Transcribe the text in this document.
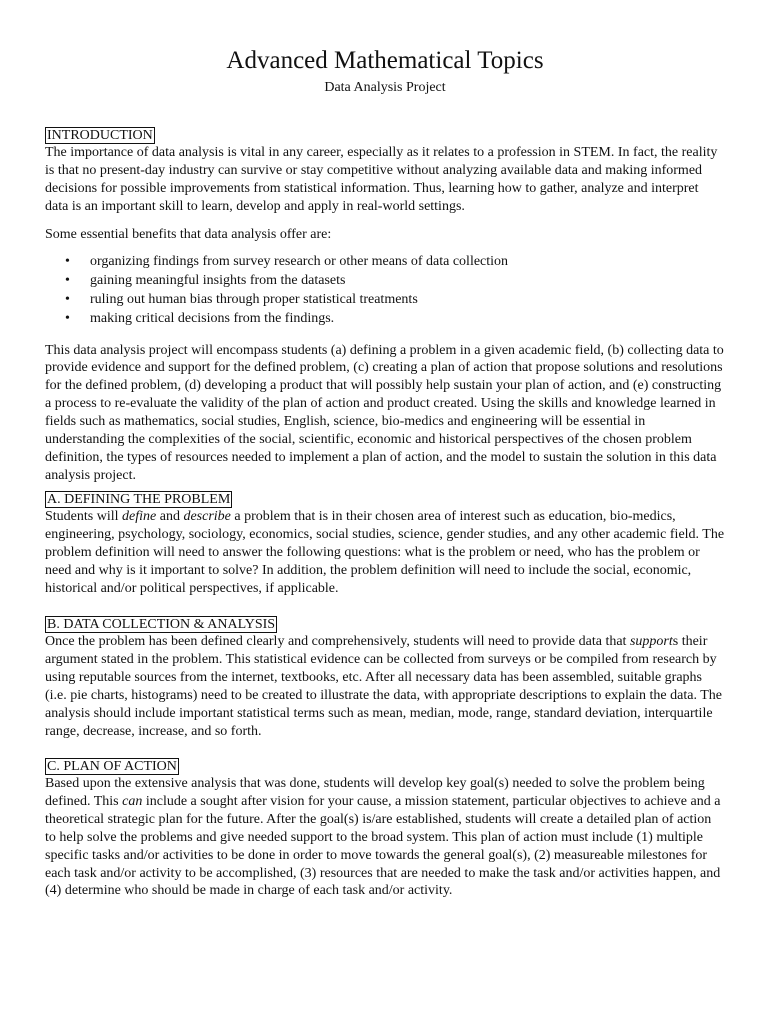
Advanced Mathematical Topics
Data Analysis Project
INTRODUCTION

The importance of data analysis is vital in any career, especially as it relates to a profession in STEM. In fact, the reality is that no present-day industry can survive or stay competitive without analyzing available data and making informed decisions for possible improvements from statistical information. Thus, learning how to gather, analyze and interpret data is an important skill to learn, develop and apply in real-world settings.

Some essential benefits that data analysis offer are:

• organizing findings from survey research or other means of data collection
• gaining meaningful insights from the datasets
• ruling out human bias through proper statistical treatments
• making critical decisions from the findings.

This data analysis project will encompass students (a) defining a problem in a given academic field, (b) collecting data to provide evidence and support for the defined problem, (c) creating a plan of action that propose solutions and resolutions for the defined problem, (d) developing a product that will possibly help sustain your plan of action, and (e) constructing a process to re-evaluate the validity of the plan of action and product created. Using the skills and knowledge learned in fields such as mathematics, social studies, English, science, bio-medics and engineering will be essential in understanding the complexities of the social, scientific, economic and historical perspectives of the chosen problem definition, the types of resources needed to implement a plan of action, and the model to sustain the solution in this data analysis project.

A. DEFINING THE PROBLEM

Students will define and describe a problem that is in their chosen area of interest such as education, bio-medics, engineering, psychology, sociology, economics, social studies, science, gender studies, and any other academic field. The problem definition will need to answer the following questions: what is the problem or need, who has the problem or need and why is it important to solve? In addition, the problem definition will need to include the social, economic, historical and/or political perspectives, if applicable.

B. DATA COLLECTION & ANALYSIS

Once the problem has been defined clearly and comprehensively, students will need to provide data that supports their argument stated in the problem. This statistical evidence can be collected from surveys or be compiled from research by using reputable sources from the internet, textbooks, etc. After all necessary data has been assembled, suitable graphs (i.e. pie charts, histograms) need to be created to illustrate the data, with appropriate descriptions to explain the data. The analysis should include important statistical terms such as mean, median, mode, range, standard deviation, interquartile range, decrease, increase, and so forth.

C. PLAN OF ACTION

Based upon the extensive analysis that was done, students will develop key goal(s) needed to solve the problem being defined. This can include a sought after vision for your cause, a mission statement, particular objectives to achieve and a theoretical strategic plan for the future. After the goal(s) is/are established, students will create a detailed plan of action to help solve the problems and give needed support to the broad system. This plan of action must include (1) multiple specific tasks and/or activities to be done in order to move towards the general goal(s), (2) measureable milestones for each task and/or activity to be accomplished, (3) resources that are needed to make the task and/or activities happen, and (4) determine who should be made in charge of each task and/or activity.
